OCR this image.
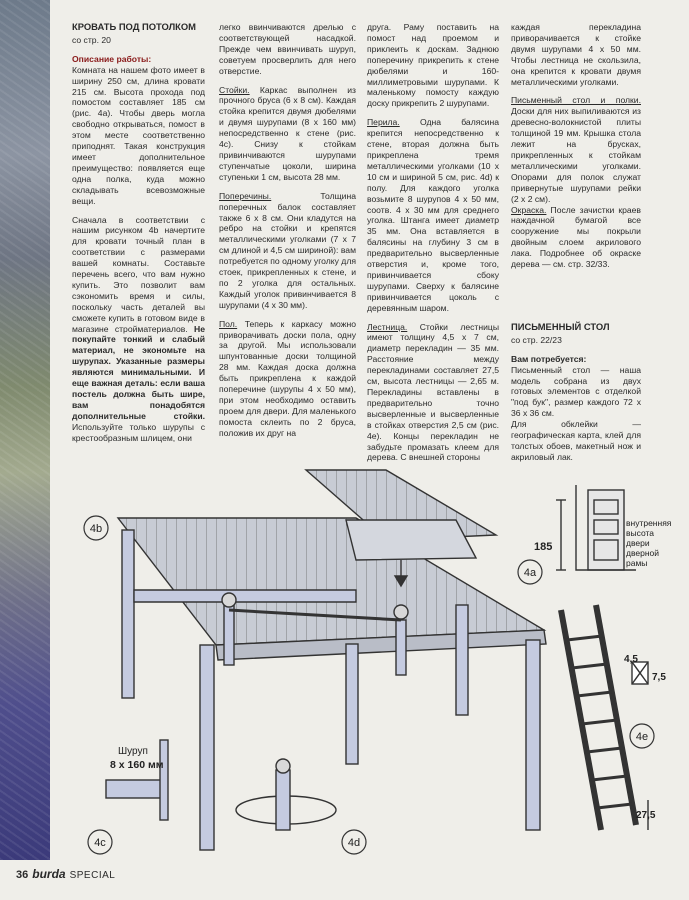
КРОВАТЬ ПОД ПОТОЛКОМ
со стр. 20
Описание работы:

Комната на нашем фото имеет в ширину 250 см, длина кровати 215 см. Высота прохода под помостом составляет 185 см (рис. 4а). Чтобы дверь могла свободно открываться, помост в этом месте соответственно приподнят. Такая конструкция имеет дополнительное преимущество: появляется еще одна полка, куда можно складывать всевозможные вещи.

Сначала в соответствии с нашим рисунком 4b начертите для кровати точный план в соответствии с размерами вашей комнаты. Составьте перечень всего, что вам нужно купить. Это позволит вам сэкономить время и силы, поскольку часть деталей вы сможете купить в готовом виде в магазине стройматериалов. Не покупайте тонкий и слабый материал, не экономьте на шурупах. Указанные размеры являются минимальными. И еще важная деталь: если ваша постель должна быть шире, вам понадобятся дополнительные стойки. Используйте только шурупы с крестообразным шлицем, они

легко ввинчиваются дрелью с соответствующей насадкой. Прежде чем ввинчивать шуруп, советуем просверлить для него отверстие.

Стойки. Каркас выполнен из прочного бруса (6 х 8 см). Каждая стойка крепится двумя дюбелями и двумя шурупами (8 х 160 мм) непосредственно к стене (рис. 4c). Снизу к стойкам привинчиваются шурупами ступенчатые цоколи, ширина ступеньки 1 см, высота 28 мм.

Поперечины.	Толщина поперечных балок составляет также 6 х 8 см. Они кладутся на ребро на стойки и крепятся металлическими уголками (7 х 7 см длиной и 4,5 см шириной): вам потребуется по одному уголку для стоек, прикрепленных к стене, и по 2 уголка для остальных. Каждый уголок привинчивается 8 шурупами (4 х 30 мм).

Пол. Теперь к каркасу можно приворачивать доски пола, одну за другой. Мы использовали шпунтованные доски толщиной 28 мм. Каждая доска должна быть прикреплена к каждой поперечине (шурупы 4 х 50 мм), при этом необходимо оставить проем для двери. Для маленького помоста склеить по 2 бруса, положив их друг на

друга. Раму поставить на помост над проемом и приклеить к доскам. Заднюю поперечину прикрепить к стене дюбелями и 160-миллиметровыми шурупами. К маленькому помосту каждую доску прикрепить 2 шурупами.

Перила. Одна балясина крепится непосредственно к стене, вторая должна быть прикреплена тремя металлическими уголками (10 х 10 см и шириной 5 см, рис. 4d) к полу. Для каждого уголка возьмите 8 шурупов 4 х 50 мм, соотв. 4 х 30 мм для среднего уголка. Штанга имеет диаметр 35 мм. Она вставляется в балясины на глубину 3 см в предварительно высверленные отверстия и, кроме того, привинчивается сбоку шурупами. Сверху к балясине привинчивается цоколь с деревянным шаром.

Лестница. Стойки лестницы имеют толщину 4,5 х 7 см, диаметр перекладин — 35 мм. Расстояние между перекладинами составляет 27,5 см, высота лестницы — 2,65 м. Перекладины вставлены в предварительно точно высверленные и высверленные в стойках отверстия 2,5 см (рис. 4e). Концы перекладин не забудьте промазать клеем для дерева. С внешней стороны

каждая перекладина приворачивается к стойке двумя шурупами 4 х 50 мм. Чтобы лестница не скользила, она крепится к кровати двумя металлическими уголками.

Письменный стол и полки. Доски для них выпиливаются из древесно-волокнистой плиты толщиной 19 мм. Крышка стола лежит на брусках, прикрепленных к стойкам металлическими уголками. Опорами для полок служат привернутые шурупами рейки (2 х 2 см).

Окраска. После зачистки краев наждачной бумагой все сооружение мы покрыли двойным слоем акрилового лака. Подробнее об окраске дерева — см. стр. 32/33.

ПИСЬМЕННЫЙ СТОЛ
со стр. 22/23
Вам потребуется:

Письменный стол — наша модель собрана из двух готовых элементов с отделкой "под бук", размер каждого 72 х 36 х 36 см.

Для обклейки — географическая карта, клей для толстых обоев, макетный нож и акриловый лак.

4b
4a
4c	4d
4e
185
внутренняя
высота
двери
дверной
рамы
Шуруп
8 х 160 мм
4,5
7,5
27,5
36 burda SPECIAL
